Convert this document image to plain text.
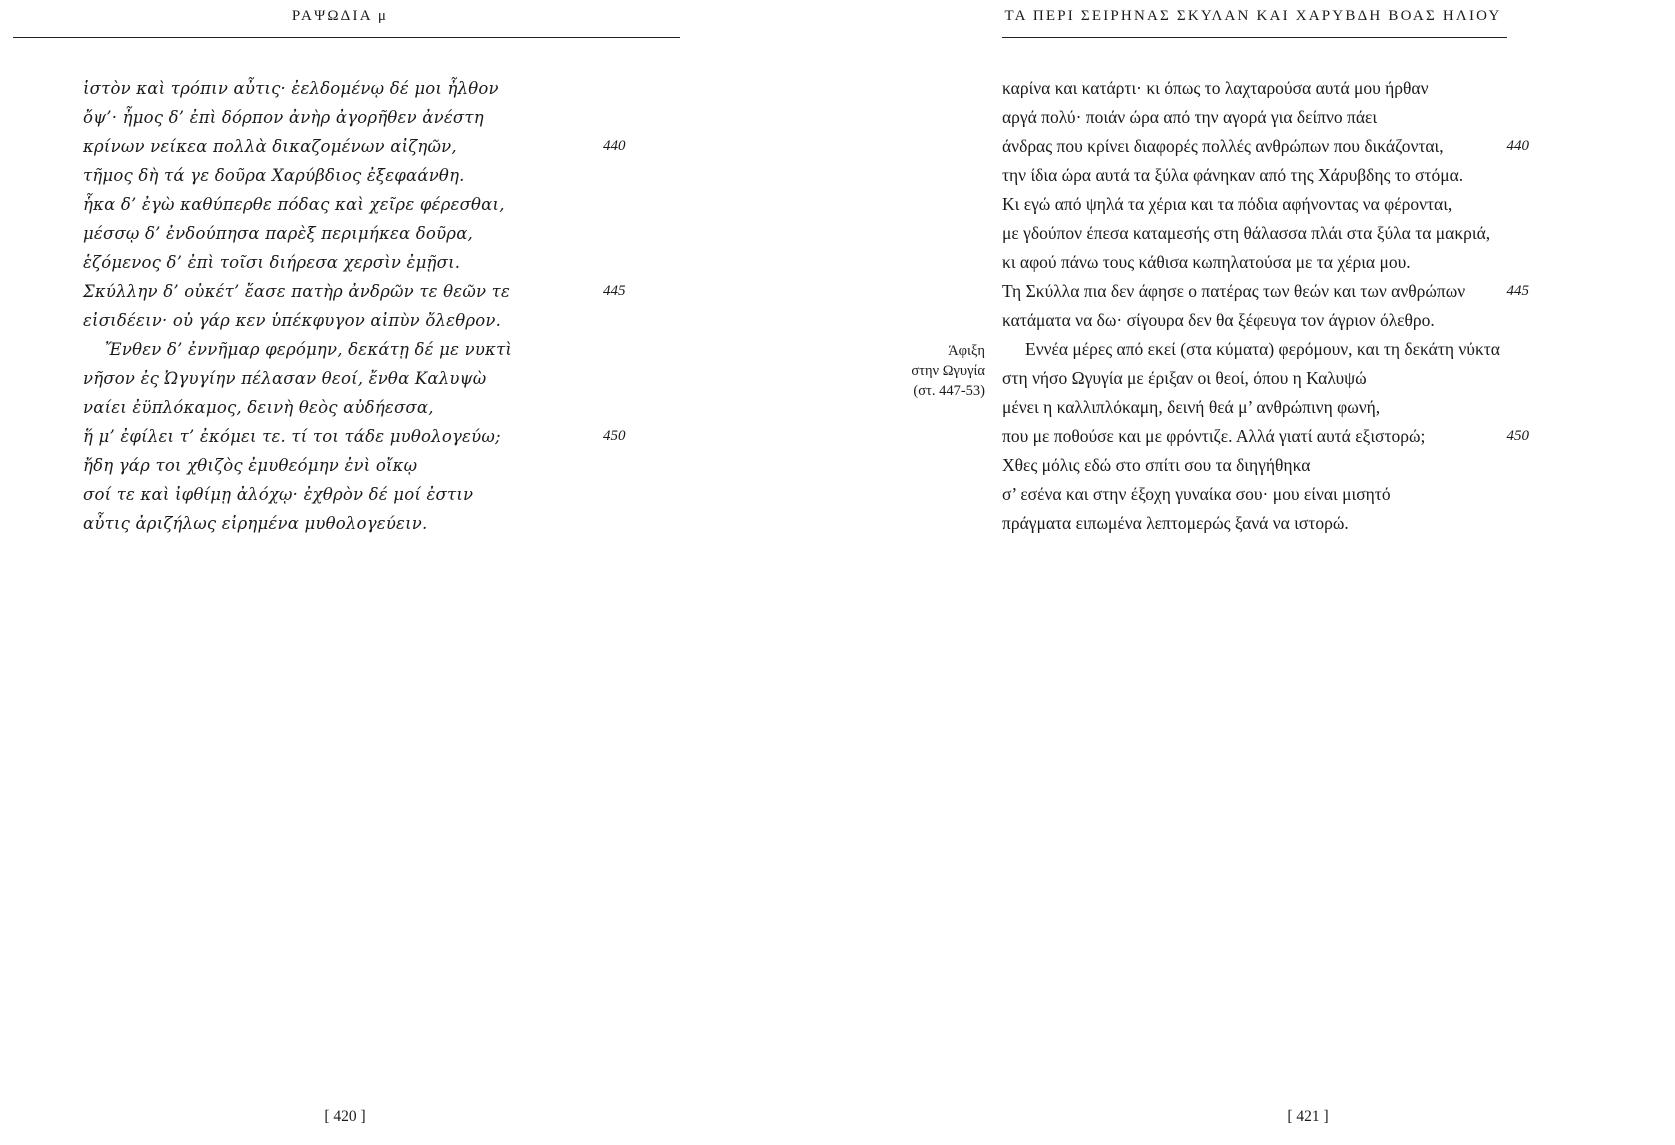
ΡΑΨΩΔΙΑ μ
ἱστὸν καὶ τρόπιν αὖτις· ἐελδομένῳ δέ μοι ἦλθον
ὄψ’· ἦμος δ’ ἐπὶ δόρπον ἀνὴρ ἀγορῆθεν ἀνέστη
κρίνων νείκεα πολλὰ δικαζομένων αἰζηῶν,	440
τῆμος δὴ τά γε δοῦρα Χαρύβδιος ἐξεφαάνθη.
ἧκα δ’ ἐγὼ καθύπερθε πόδας καὶ χεῖρε φέρεσθαι,
μέσσῳ δ’ ἐνδούπησα παρὲξ περιμήκεα δοῦρα,
ἑζόμενος δ’ ἐπὶ τοῖσι διήρεσα χερσὶν ἐμῇσι.
Σκύλλην δ’ οὐκέτ’ ἔασε πατὴρ ἀνδρῶν τε θεῶν τε	445
εἰσιδέειν· οὐ γάρ κεν ὑπέκφυγον αἰπὺν ὄλεθρον.
Ἔνθεν δ’ ἐννῆμαρ φερόμην, δεκάτῃ δέ με νυκτὶ
νῆσον ἐς Ὠγυγίην πέλασαν θεοί, ἔνθα Καλυψὼ
ναίει ἐϋπλόκαμος, δεινὴ θεὸς αὐδήεσσα,
ἥ μ’ ἐφίλει τ’ ἐκόμει τε. τί τοι τάδε μυθολογεύω;	450
ἤδη γάρ τοι χθιζὸς ἐμυθεόμην ἐνὶ οἴκῳ
σοί τε καὶ ἰφθίμῃ ἀλόχῳ· ἐχθρὸν δέ μοί ἐστιν
αὖτις ἀριζήλως εἰρημένα μυθολογεύειν.
[ 420 ]
ΤΑ ΠΕΡΙ ΣΕΙΡΗΝΑΣ ΣΚΥΛΑΝ ΚΑΙ ΧΑΡΥΒΔΗ ΒΟΑΣ ΗΛΙΟΥ
Άφιξη
στην Ωγυγία
(στ. 447-53)
καρίνα και κατάρτι· κι όπως το λαχταρούσα αυτά μου ήρθαν
αργά πολύ· ποιάν ώρα από την αγορά για δείπνο πάει
άνδρας που κρίνει διαφορές πολλές ανθρώπων που δικάζονται,	440
την ίδια ώρα αυτά τα ξύλα φάνηκαν από της Χάρυβδης το στόμα.
Κι εγώ από ψηλά τα χέρια και τα πόδια αφήνοντας να φέρονται,
με γδούπον έπεσα καταμεσής στη θάλασσα πλάι στα ξύλα τα μακριά,
κι αφού πάνω τους κάθισα κωπηλατούσα με τα χέρια μου.
Τη Σκύλλα πια δεν άφησε ο πατέρας των θεών και των ανθρώπων	445
κατάματα να δω· σίγουρα δεν θα ξέφευγα τον άγριον όλεθρο.
Εννέα μέρες από εκεί (στα κύματα) φερόμουν, και τη δεκάτη νύκτα
στη νήσο Ωγυγία με έριξαν οι θεοί, όπου η Καλυψώ
μένει η καλλιπλόκαμη, δεινή θεά μ’ ανθρώπινη φωνή,
που με ποθούσε και με φρόντιζε. Αλλά γιατί αυτά εξιστορώ;	450
Χθες μόλις εδώ στο σπίτι σου τα διηγήθηκα
σ’ εσένα και στην έξοχη γυναίκα σου· μου είναι μισητό
πράγματα ειπωμένα λεπτομερώς ξανά να ιστορώ.
[ 421 ]
